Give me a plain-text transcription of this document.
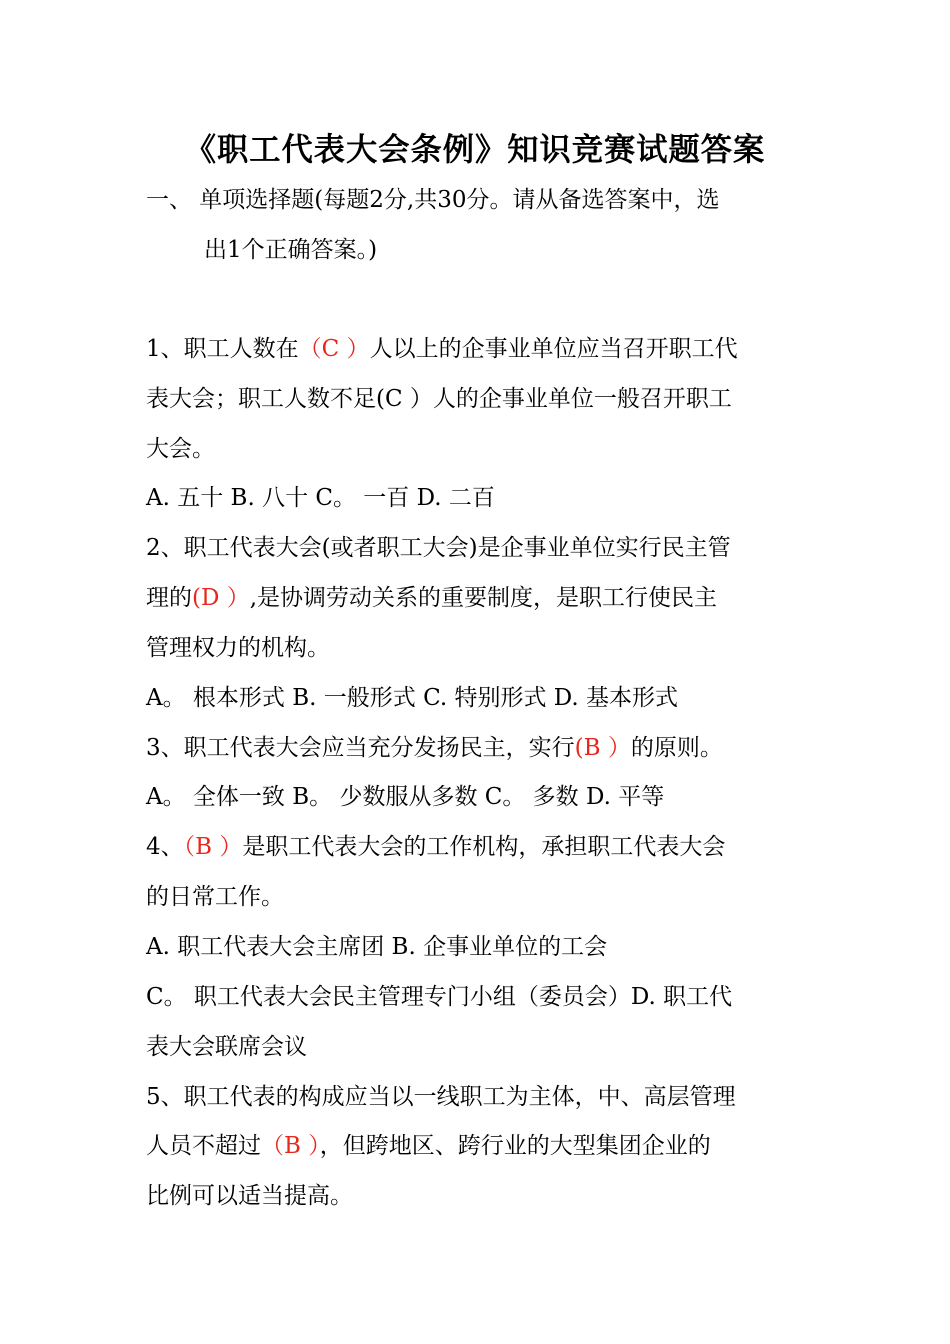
《职工代表大会条例》知识竞赛试题答案
一、 单项选择题(每题2分,共30分。请从备选答案中，选
出1个正确答案。)
1、职工人数在（C ）人以上的企事业单位应当召开职工代
表大会；职工人数不足(C ）人的企事业单位一般召开职工
大会。
A. 五十 B. 八十 C。 一百 D. 二百
2、职工代表大会(或者职工大会)是企事业单位实行民主管
理的(D ）,是协调劳动关系的重要制度，是职工行使民主
管理权力的机构。
A。 根本形式 B. 一般形式 C. 特别形式 D. 基本形式
3、职工代表大会应当充分发扬民主，实行(B ）的原则。
A。 全体一致 B。 少数服从多数 C。 多数 D. 平等
4、（B ）是职工代表大会的工作机构，承担职工代表大会
的日常工作。
A. 职工代表大会主席团 B. 企事业单位的工会
C。 职工代表大会民主管理专门小组（委员会）D. 职工代
表大会联席会议
5、职工代表的构成应当以一线职工为主体，中、高层管理
人员不超过（B ），但跨地区、跨行业的大型集团企业的
比例可以适当提高。
